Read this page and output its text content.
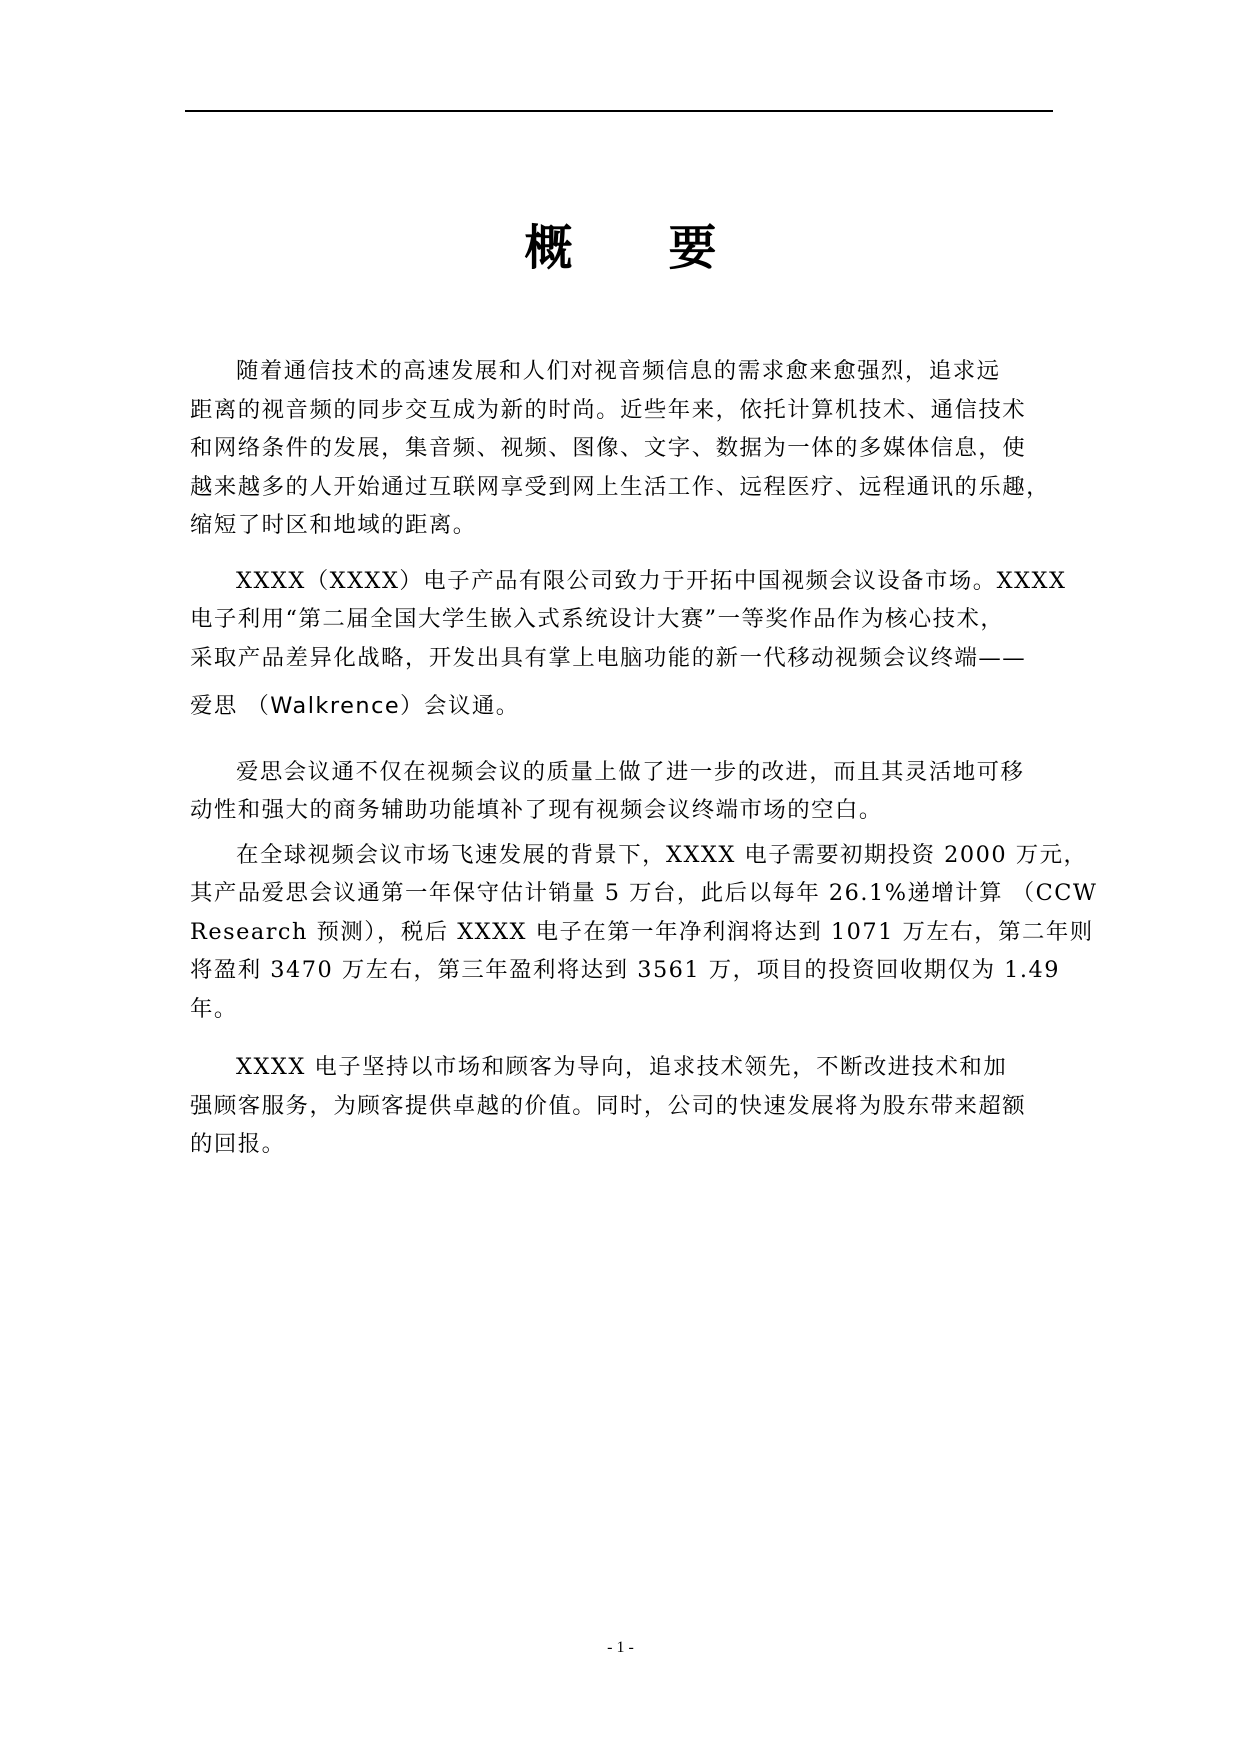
概　　要
随着通信技术的高速发展和人们对视音频信息的需求愈来愈强烈，追求远
距离的视音频的同步交互成为新的时尚。近些年来，依托计算机技术、通信技术
和网络条件的发展，集音频、视频、图像、文字、数据为一体的多媒体信息，使
越来越多的人开始通过互联网享受到网上生活工作、远程医疗、远程通讯的乐趣，
缩短了时区和地域的距离。
XXXX（XXXX）电子产品有限公司致力于开拓中国视频会议设备市场。XXXX
电子利用“第二届全国大学生嵌入式系统设计大赛”一等奖作品作为核心技术，
采取产品差异化战略，开发出具有掌上电脑功能的新一代移动视频会议终端——
爱思 （Walkrence）会议通。
爱思会议通不仅在视频会议的质量上做了进一步的改进，而且其灵活地可移
动性和强大的商务辅助功能填补了现有视频会议终端市场的空白。
在全球视频会议市场飞速发展的背景下，XXXX 电子需要初期投资 2000 万元，
其产品爱思会议通第一年保守估计销量 5 万台，此后以每年 26.1%递增计算 （CCW
Research 预测），税后 XXXX 电子在第一年净利润将达到 1071 万左右，第二年则
将盈利 3470 万左右，第三年盈利将达到 3561 万，项目的投资回收期仅为 1.49
年。
XXXX 电子坚持以市场和顾客为导向，追求技术领先，不断改进技术和加
强顾客服务，为顾客提供卓越的价值。同时，公司的快速发展将为股东带来超额
的回报。
- 1 -
